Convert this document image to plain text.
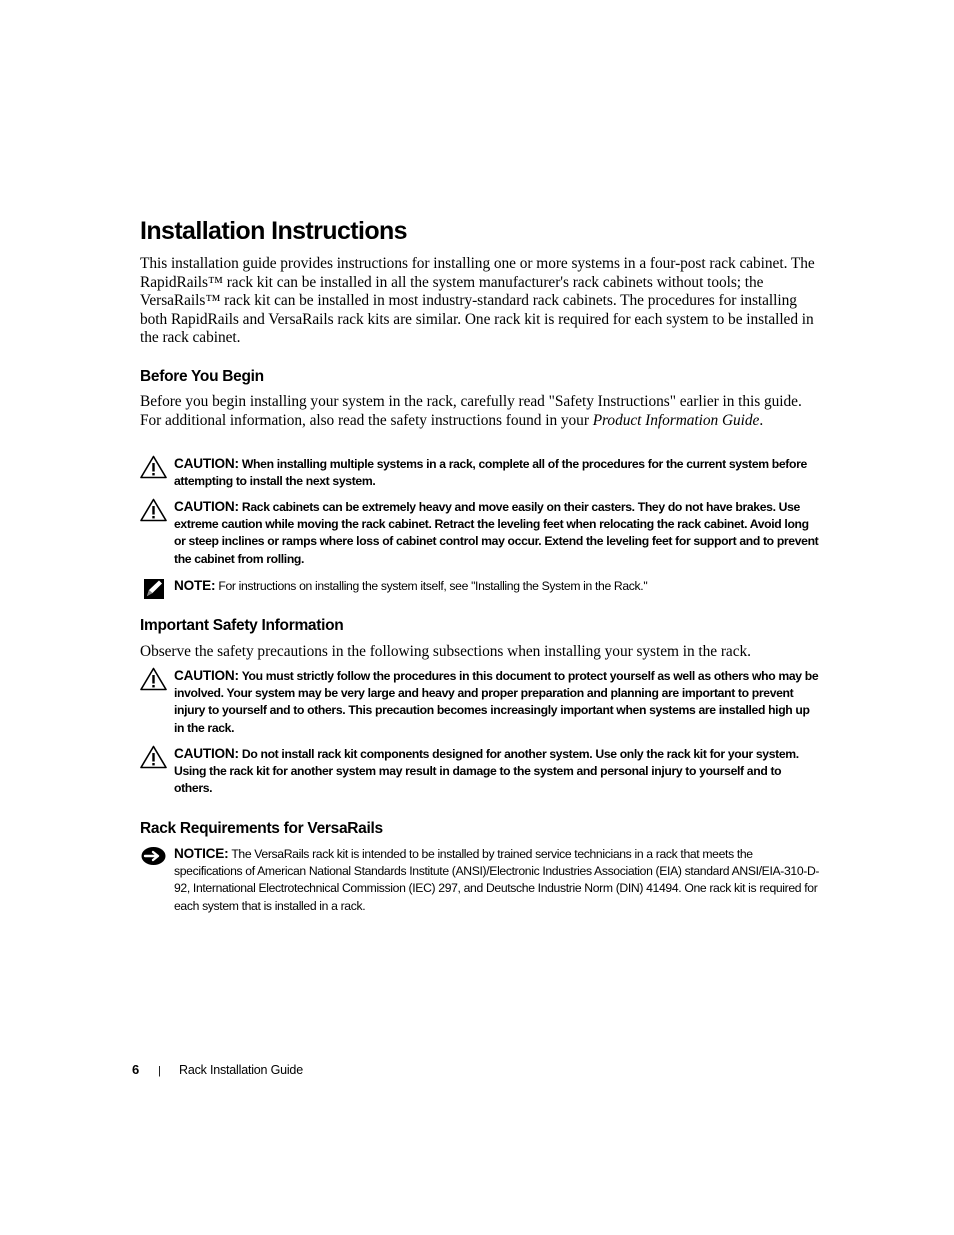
Installation Instructions

This installation guide provides instructions for installing one or more systems in a four-post rack cabinet. The RapidRails™ rack kit can be installed in all the system manufacturer's rack cabinets without tools; the VersaRails™ rack kit can be installed in most industry-standard rack cabinets. The procedures for installing both RapidRails and VersaRails rack kits are similar. One rack kit is required for each system to be installed in the rack cabinet.

Before You Begin

Before you begin installing your system in the rack, carefully read "Safety Instructions" earlier in this guide. For additional information, also read the safety instructions found in your Product Information Guide.

CAUTION: When installing multiple systems in a rack, complete all of the procedures for the current system before attempting to install the next system.

CAUTION: Rack cabinets can be extremely heavy and move easily on their casters. They do not have brakes. Use extreme caution while moving the rack cabinet. Retract the leveling feet when relocating the rack cabinet. Avoid long or steep inclines or ramps where loss of cabinet control may occur. Extend the leveling feet for support and to prevent the cabinet from rolling.

NOTE: For instructions on installing the system itself, see "Installing the System in the Rack."

Important Safety Information

Observe the safety precautions in the following subsections when installing your system in the rack.

CAUTION: You must strictly follow the procedures in this document to protect yourself as well as others who may be involved. Your system may be very large and heavy and proper preparation and planning are important to prevent injury to yourself and to others. This precaution becomes increasingly important when systems are installed high up in the rack.

CAUTION: Do not install rack kit components designed for another system. Use only the rack kit for your system. Using the rack kit for another system may result in damage to the system and personal injury to yourself and to others.

Rack Requirements for VersaRails

NOTICE: The VersaRails rack kit is intended to be installed by trained service technicians in a rack that meets the specifications of American National Standards Institute (ANSI)/Electronic Industries Association (EIA) standard ANSI/EIA-310-D-92, International Electrotechnical Commission (IEC) 297, and Deutsche Industrie Norm (DIN) 41494. One rack kit is required for each system that is installed in a rack.

6 | Rack Installation Guide
